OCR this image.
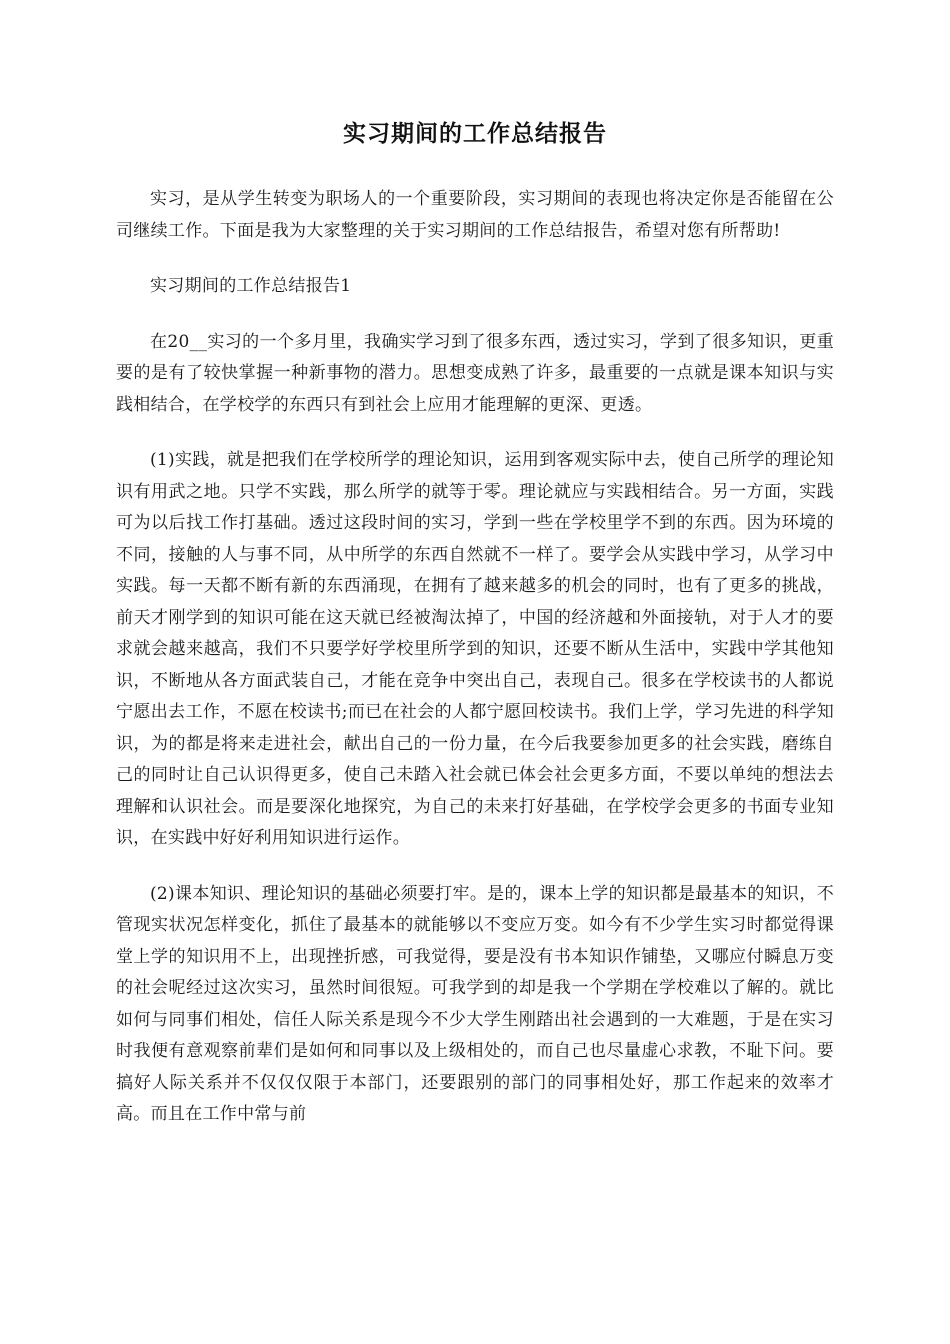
实习期间的工作总结报告

实习，是从学生转变为职场人的一个重要阶段，实习期间的表现也将决定你是否能留在公司继续工作。下面是我为大家整理的关于实习期间的工作总结报告，希望对您有所帮助!

实习期间的工作总结报告1

在20__实习的一个多月里，我确实学习到了很多东西，透过实习，学到了很多知识，更重要的是有了较快掌握一种新事物的潜力。思想变成熟了许多，最重要的一点就是课本知识与实践相结合，在学校学的东西只有到社会上应用才能理解的更深、更透。

(1)实践，就是把我们在学校所学的理论知识，运用到客观实际中去，使自己所学的理论知识有用武之地。只学不实践，那么所学的就等于零。理论就应与实践相结合。另一方面，实践可为以后找工作打基础。透过这段时间的实习，学到一些在学校里学不到的东西。因为环境的不同，接触的人与事不同，从中所学的东西自然就不一样了。要学会从实践中学习，从学习中实践。每一天都不断有新的东西涌现，在拥有了越来越多的机会的同时，也有了更多的挑战，前天才刚学到的知识可能在这天就已经被淘汰掉了，中国的经济越和外面接轨，对于人才的要求就会越来越高，我们不只要学好学校里所学到的知识，还要不断从生活中，实践中学其他知识，不断地从各方面武装自己，才能在竞争中突出自己，表现自己。很多在学校读书的人都说宁愿出去工作，不愿在校读书;而已在社会的人都宁愿回校读书。我们上学，学习先进的科学知识，为的都是将来走进社会，献出自己的一份力量，在今后我要参加更多的社会实践，磨练自己的同时让自己认识得更多，使自己未踏入社会就已体会社会更多方面，不要以单纯的想法去理解和认识社会。而是要深化地探究，为自己的未来打好基础，在学校学会更多的书面专业知识，在实践中好好利用知识进行运作。

(2)课本知识、理论知识的基础必须要打牢。是的，课本上学的知识都是最基本的知识，不管现实状况怎样变化，抓住了最基本的就能够以不变应万变。如今有不少学生实习时都觉得课堂上学的知识用不上，出现挫折感，可我觉得，要是没有书本知识作铺垫，又哪应付瞬息万变的社会呢经过这次实习，虽然时间很短。可我学到的却是我一个学期在学校难以了解的。就比如何与同事们相处，信任人际关系是现今不少大学生刚踏出社会遇到的一大难题，于是在实习时我便有意观察前辈们是如何和同事以及上级相处的，而自己也尽量虚心求教，不耻下问。要搞好人际关系并不仅仅仅限于本部门，还要跟别的部门的同事相处好，那工作起来的效率才高。而且在工作中常与前
